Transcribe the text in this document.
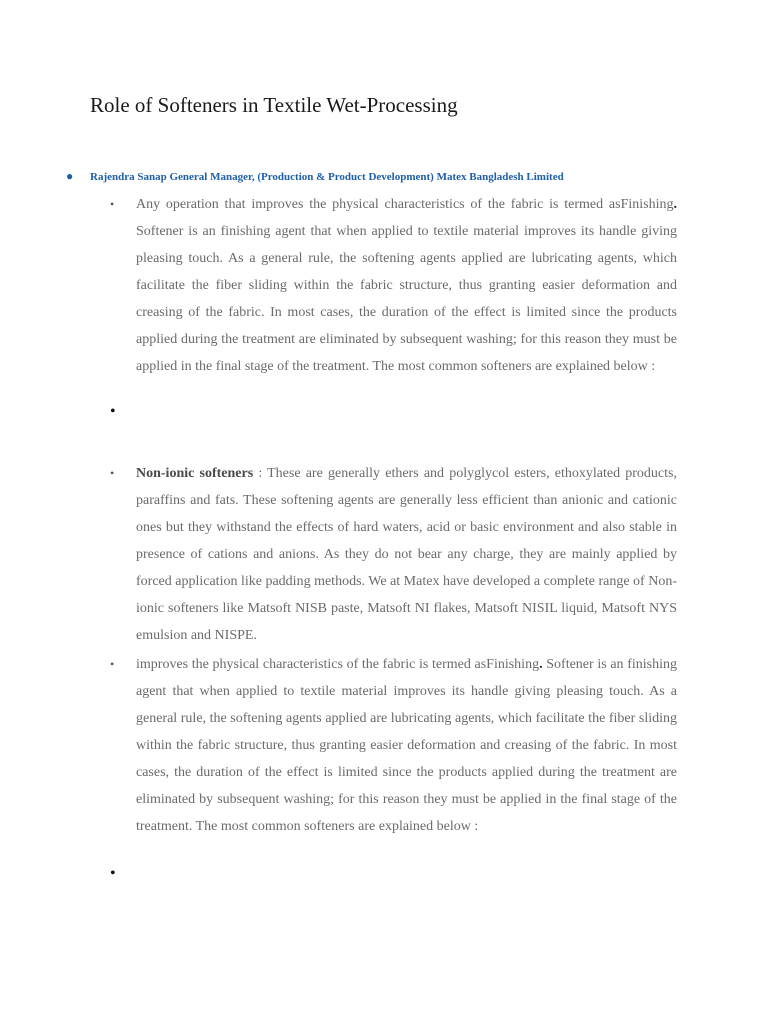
Role of Softeners in Textile Wet-Processing
● Rajendra Sanap General Manager, (Production & Product Development) Matex Bangladesh Limited
•	Any operation that improves the physical characteristics of the fabric is termed asFinishing. Softener is an finishing agent that when applied to textile material improves its handle giving pleasing touch. As a general rule, the softening agents applied are lubricating agents, which facilitate the fiber sliding within the fabric structure, thus granting easier deformation and creasing of the fabric. In most cases, the duration of the effect is limited since the products applied during the treatment are eliminated by subsequent washing; for this reason they must be applied in the final stage of the treatment. The most common softeners are explained below :

•
•	Non-ionic softeners : These are generally ethers and polyglycol esters, ethoxylated products, paraffins and fats. These softening agents are generally less efficient than anionic and cationic ones but they withstand the effects of hard waters, acid or basic environment and also stable in presence of cations and anions. As they do not bear any charge, they are mainly applied by forced application like padding methods. We at Matex have developed a complete range of Non-ionic softeners like Matsoft NISB paste, Matsoft NI flakes, Matsoft NISIL liquid, Matsoft NYS emulsion and NISPE.

•	improves the physical characteristics of the fabric is termed asFinishing. Softener is an finishing agent that when applied to textile material improves its handle giving pleasing touch. As a general rule, the softening agents applied are lubricating agents, which facilitate the fiber sliding within the fabric structure, thus granting easier deformation and creasing of the fabric. In most cases, the duration of the effect is limited since the products applied during the treatment are eliminated by subsequent washing; for this reason they must be applied in the final stage of the treatment. The most common softeners are explained below :

•
